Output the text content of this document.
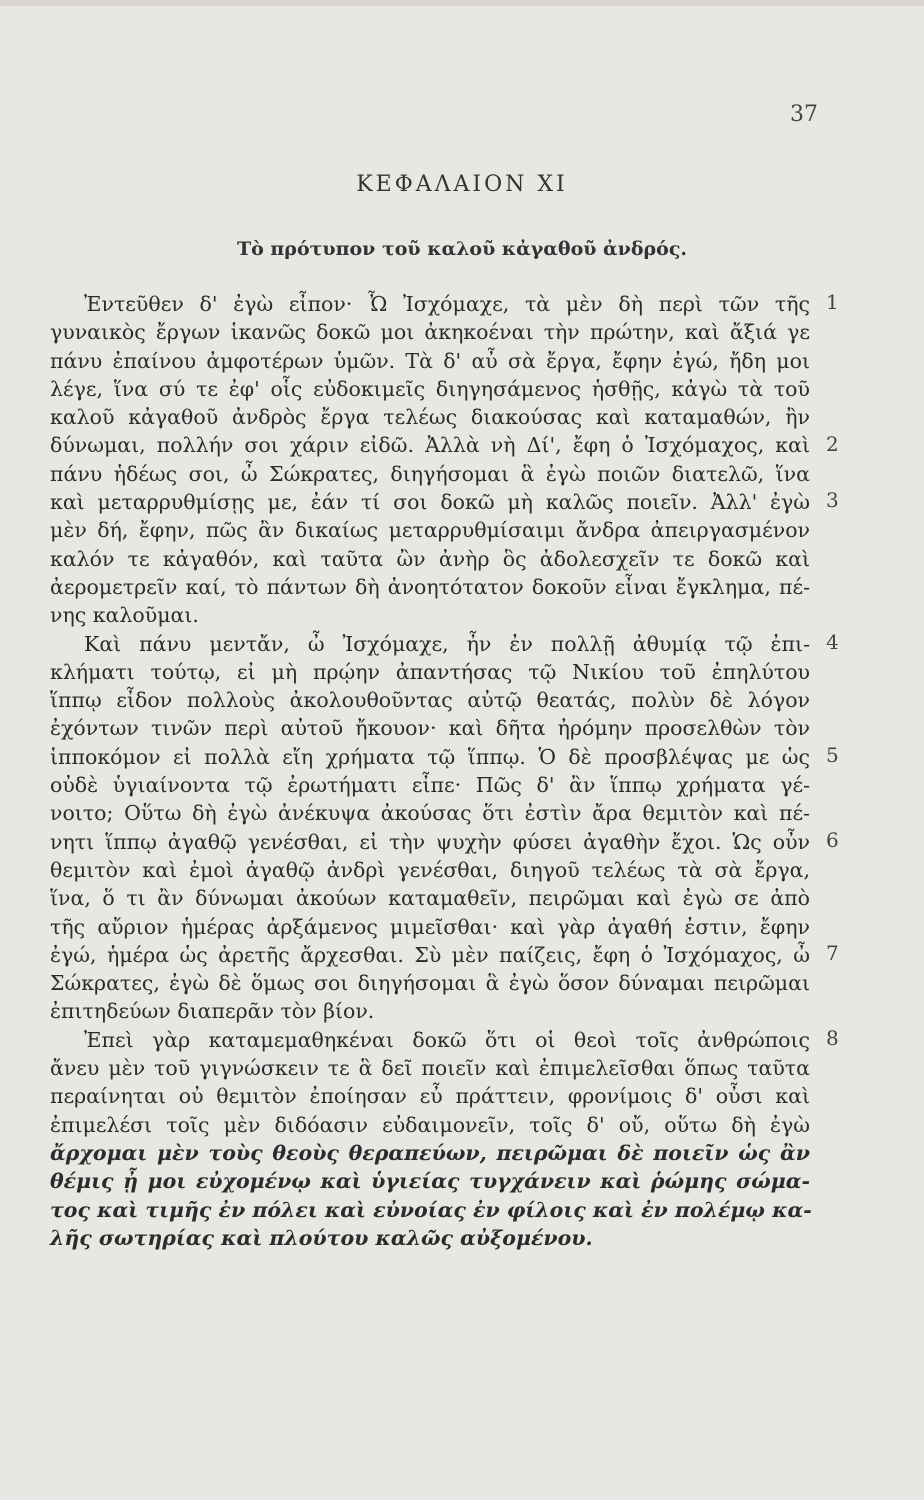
37
ΚΕΦΑΛΑΙΟΝ XI
Τὸ πρότυπον τοῦ καλοῦ κἀγαθοῦ ἀνδρός.
Ἐντεῦθεν δ' ἐγὼ εἶπον· Ὦ Ἰσχόμαχε, τὰ μὲν δὴ περὶ τῶν τῆς
γυναικὸς ἔργων ἱκανῶς δοκῶ μοι ἀκηκοέναι τὴν πρώτην, καὶ ἄξιά γε
πάνυ ἐπαίνου ἀμφοτέρων ὑμῶν. Τὰ δ' αὖ σὰ ἔργα, ἔφην ἐγώ, ἤδη μοι
λέγε, ἵνα σύ τε ἐφ' οἷς εὐδοκιμεῖς διηγησάμενος ἡσθῇς, κἀγὼ τὰ τοῦ
καλοῦ κἀγαθοῦ ἀνδρὸς ἔργα τελέως διακούσας καὶ καταμαθών, ἢν
δύνωμαι, πολλήν σοι χάριν εἰδῶ. Ἀλλὰ νὴ Δί', ἔφη ὁ Ἰσχόμαχος, καὶ
πάνυ ἡδέως σοι, ὦ Σώκρατες, διηγήσομαι ἃ ἐγὼ ποιῶν διατελῶ, ἵνα
καὶ μεταρρυθμίσῃς με, ἐάν τί σοι δοκῶ μὴ καλῶς ποιεῖν. Ἀλλ' ἐγὼ
μὲν δή, ἔφην, πῶς ἂν δικαίως μεταρρυθμίσαιμι ἄνδρα ἀπειργασμένον
καλόν τε κἀγαθόν, καὶ ταῦτα ὢν ἀνὴρ ὃς ἀδολεσχεῖν τε δοκῶ καὶ
ἀερομετρεῖν καί, τὸ πάντων δὴ ἀνοητότατον δοκοῦν εἶναι ἔγκλημα, πέ-
νης καλοῦμαι.
Καὶ πάνυ μεντἄν, ὦ Ἰσχόμαχε, ἦν ἐν πολλῇ ἀθυμίᾳ τῷ ἐπι-
κλήματι τούτῳ, εἰ μὴ πρῴην ἀπαντήσας τῷ Νικίου τοῦ ἐπηλύτου
ἵππῳ εἶδον πολλοὺς ἀκολουθοῦντας αὐτῷ θεατάς, πολὺν δὲ λόγον
ἐχόντων τινῶν περὶ αὐτοῦ ἤκουον· καὶ δῆτα ἠρόμην προσελθὼν τὸν
ἱπποκόμον εἰ πολλὰ εἴη χρήματα τῷ ἵππῳ. Ὁ δὲ προσβλέψας με ὡς
οὐδὲ ὑγιαίνοντα τῷ ἐρωτήματι εἶπε· Πῶς δ' ἂν ἵππῳ χρήματα γέ-
νοιτο; Οὕτω δὴ ἐγὼ ἀνέκυψα ἀκούσας ὅτι ἐστὶν ἄρα θεμιτὸν καὶ πέ-
νητι ἵππῳ ἀγαθῷ γενέσθαι, εἰ τὴν ψυχὴν φύσει ἀγαθὴν ἔχοι. Ὡς οὖν
θεμιτὸν καὶ ἐμοὶ ἀγαθῷ ἀνδρὶ γενέσθαι, διηγοῦ τελέως τὰ σὰ ἔργα,
ἵνα, ὅ τι ἂν δύνωμαι ἀκούων καταμαθεῖν, πειρῶμαι καὶ ἐγὼ σε ἀπὸ
τῆς αὔριον ἡμέρας ἀρξάμενος μιμεῖσθαι· καὶ γὰρ ἀγαθή ἐστιν, ἔφην
ἐγώ, ἡμέρα ὡς ἀρετῆς ἄρχεσθαι. Σὺ μὲν παίζεις, ἔφη ὁ Ἰσχόμαχος, ὦ
Σώκρατες, ἐγὼ δὲ ὅμως σοι διηγήσομαι ἃ ἐγὼ ὅσον δύναμαι πειρῶμαι
ἐπιτηδεύων διαπερᾶν τὸν βίον.
Ἐπεὶ γὰρ καταμεμαθηκέναι δοκῶ ὅτι οἱ θεοὶ τοῖς ἀνθρώποις
ἄνευ μὲν τοῦ γιγνώσκειν τε ἃ δεῖ ποιεῖν καὶ ἐπιμελεῖσθαι ὅπως ταῦτα
περαίνηται οὐ θεμιτὸν ἐποίησαν εὖ πράττειν, φρονίμοις δ' οὖσι καὶ
ἐπιμελέσι τοῖς μὲν διδόασιν εὐδαιμονεῖν, τοῖς δ' οὔ, οὕτω δὴ ἐγὼ
ἄρχομαι μὲν τοὺς θεοὺς θεραπεύων, πειρῶμαι δὲ ποιεῖν ὡς ἂν
θέμις ᾖ μοι εὐχομένῳ καὶ ὑγιείας τυγχάνειν καὶ ῥώμης σώμα-
τος καὶ τιμῆς ἐν πόλει καὶ εὐνοίας ἐν φίλοις καὶ ἐν πολέμῳ κα-
λῆς σωτηρίας καὶ πλούτου καλῶς αὐξομένου.
1
2
3
4
5
6
7
8
